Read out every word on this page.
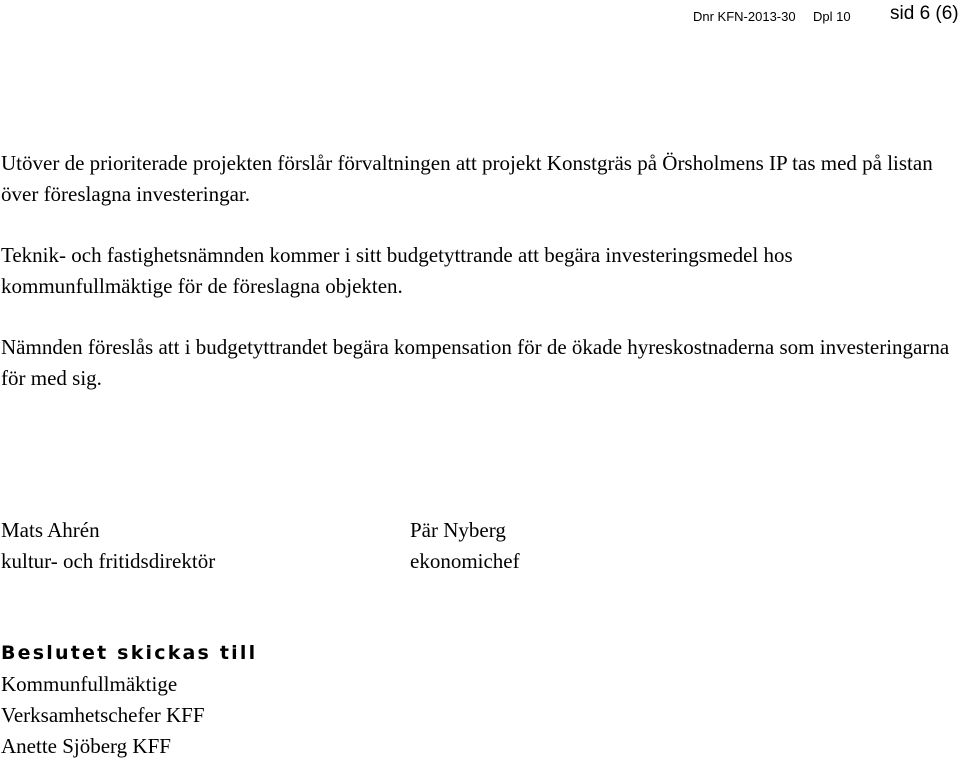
Dnr KFN-2013-30 Dpl 10 sid 6 (6)

Utöver de prioriterade projekten förslår förvaltningen att projekt Konstgräs på Örsholmens IP tas med på listan över föreslagna investeringar.

Teknik- och fastighetsnämnden kommer i sitt budgetyttrande att begära investeringsmedel hos kommunfullmäktige för de föreslagna objekten.

Nämnden föreslås att i budgetyttrandet begära kompensation för de ökade hyreskostnaderna som investeringarna för med sig.

Mats Ahrén
kultur- och fritidsdirektör
Pär Nyberg
ekonomichef
Beslutet skickas till
Kommunfullmäktige
Verksamhetschefer KFF
Anette Sjöberg KFF
